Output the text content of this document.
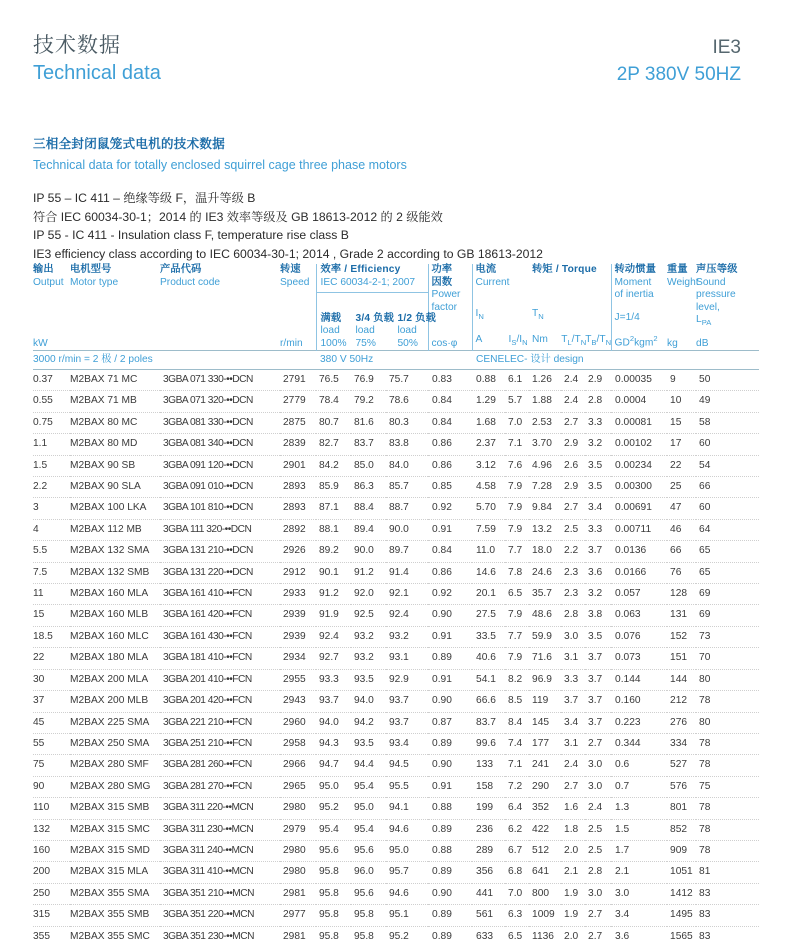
技术数据
Technical data
IE3
2P 380V 50HZ
三相全封闭鼠笼式电机的技术数据
Technical data for totally enclosed squirrel cage three phase motors
IP 55 – IC 411 – 绝缘等级 F，温升等级 B
符合 IEC 60034-30-1；2014 的 IE3 效率等级及 GB 18613-2012 的 2 级能效
IP 55 - IC 411 - Insulation class F, temperature rise class B
IE3 efficiency class according to IEC 60034-30-1; 2014 , Grade 2 according to GB 18613-2012
输出
Output
kW

电机型号
Motor type

产品代码
Product code

转速
Speed
r/min

效率 / Efficiency
IEC 60034-2-1; 2007
满载
load
100%
3/4 负载
load
75%
1/2 负载
load
50%

功率
因数
Power
factor
cos·φ

电流
Current
$I_N$
A	$I_S/I_N$

转矩 / Torque
$T_N$
Nm	$T_L/T_N$
$T_B/T_N$

转动惯量
Moment
of inertia
J=1/4
$GD^2kgm^2$

重量
Weight
kg

声压等级
Sound
pressure
level,
$L_{PA}$
dB

3000 r/min = 2 极 / 2 poles				380 V 50Hz				CENELEC- 设计 design							
0.37	M2BAX 71 MC	3GBA 071 330-••DCN	2791	76.5	76.9	75.7	0.83	0.88	6.1	1.26	2.4	2.9	0.00035	9	50
0.55	M2BAX 71 MB	3GBA 071 320-••DCN	2779	78.4	79.2	78.6	0.84	1.29	5.7	1.88	2.4	2.8	0.0004	10	49
0.75	M2BAX 80 MC	3GBA 081 330-••DCN	2875	80.7	81.6	80.3	0.84	1.68	7.0	2.53	2.7	3.3	0.00081	15	58
1.1	M2BAX 80 MD	3GBA 081 340-••DCN	2839	82.7	83.7	83.8	0.86	2.37	7.1	3.70	2.9	3.2	0.00102	17	60
1.5	M2BAX 90 SB	3GBA 091 120-••DCN	2901	84.2	85.0	84.0	0.86	3.12	7.6	4.96	2.6	3.5	0.00234	22	54
2.2	M2BAX 90 SLA	3GBA 091 010-••DCN	2893	85.9	86.3	85.7	0.85	4.58	7.9	7.28	2.9	3.5	0.00300	25	66
3	M2BAX 100 LKA	3GBA 101 810-••DCN	2893	87.1	88.4	88.7	0.92	5.70	7.9	9.84	2.7	3.4	0.00691	47	60
4	M2BAX 112 MB	3GBA 111 320-••DCN	2892	88.1	89.4	90.0	0.91	7.59	7.9	13.2	2.5	3.3	0.00711	46	64
5.5	M2BAX 132 SMA	3GBA 131 210-••DCN	2926	89.2	90.0	89.7	0.84	11.0	7.7	18.0	2.2	3.7	0.0136	66	65
7.5	M2BAX 132 SMB	3GBA 131 220-••DCN	2912	90.1	91.2	91.4	0.86	14.6	7.8	24.6	2.3	3.6	0.0166	76	65
11	M2BAX 160 MLA	3GBA 161 410-••FCN	2933	91.2	92.0	92.1	0.92	20.1	6.5	35.7	2.3	3.2	0.057	128	69
15	M2BAX 160 MLB	3GBA 161 420-••FCN	2939	91.9	92.5	92.4	0.90	27.5	7.9	48.6	2.8	3.8	0.063	131	69
18.5	M2BAX 160 MLC	3GBA 161 430-••FCN	2939	92.4	93.2	93.2	0.91	33.5	7.7	59.9	3.0	3.5	0.076	152	73
22	M2BAX 180 MLA	3GBA 181 410-••FCN	2934	92.7	93.2	93.1	0.89	40.6	7.9	71.6	3.1	3.7	0.073	151	70
30	M2BAX 200 MLA	3GBA 201 410-••FCN	2955	93.3	93.5	92.9	0.91	54.1	8.2	96.9	3.3	3.7	0.144	144	80
37	M2BAX 200 MLB	3GBA 201 420-••FCN	2943	93.7	94.0	93.7	0.90	66.6	8.5	119	3.7	3.7	0.160	212	78
45	M2BAX 225 SMA	3GBA 221 210-••FCN	2960	94.0	94.2	93.7	0.87	83.7	8.4	145	3.4	3.7	0.223	276	80
55	M2BAX 250 SMA	3GBA 251 210-••FCN	2958	94.3	93.5	93.4	0.89	99.6	7.4	177	3.1	2.7	0.344	334	78
75	M2BAX 280 SMF	3GBA 281 260-••FCN	2966	94.7	94.4	94.5	0.90	133	7.1	241	2.4	3.0	0.6	527	78
90	M2BAX 280 SMG	3GBA 281 270-••FCN	2965	95.0	95.4	95.5	0.91	158	7.2	290	2.7	3.0	0.7	576	75
110	M2BAX 315 SMB	3GBA 311 220-••MCN	2980	95.2	95.0	94.1	0.88	199	6.4	352	1.6	2.4	1.3	801	78
132	M2BAX 315 SMC	3GBA 311 230-••MCN	2979	95.4	95.4	94.6	0.89	236	6.2	422	1.8	2.5	1.5	852	78
160	M2BAX 315 SMD	3GBA 311 240-••MCN	2980	95.6	95.6	95.0	0.88	289	6.7	512	2.0	2.5	1.7	909	78
200	M2BAX 315 MLA	3GBA 311 410-••MCN	2980	95.8	96.0	95.7	0.89	356	6.8	641	2.1	2.8	2.1	1051	81
250	M2BAX 355 SMA	3GBA 351 210-••MCN	2981	95.8	95.6	94.6	0.90	441	7.0	800	1.9	3.0	3.0	1412	83
315	M2BAX 355 SMB	3GBA 351 220-••MCN	2977	95.8	95.8	95.1	0.89	561	6.3	1009	1.9	2.7	3.4	1495	83
355	M2BAX 355 SMC	3GBA 351 230-••MCN	2981	95.8	95.8	95.2	0.89	633	6.5	1136	2.0	2.7	3.6	1565	83
